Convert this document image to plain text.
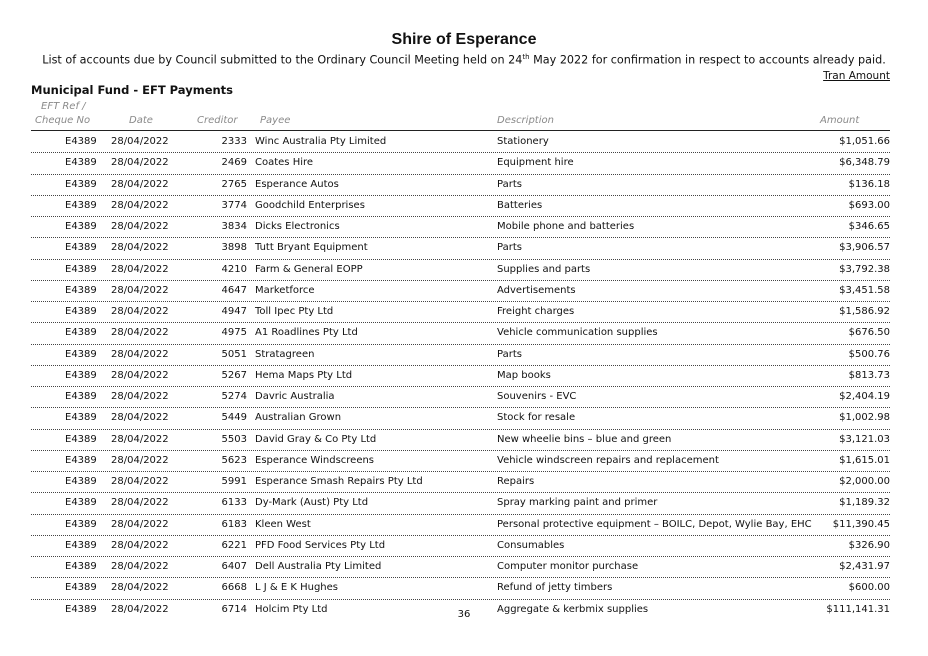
Shire of Esperance
List of accounts due by Council submitted to the Ordinary Council Meeting held on 24th May 2022 for confirmation in respect to accounts already paid.
Tran Amount
Municipal Fund - EFT Payments
EFT Ref /
Cheque No	Date	Creditor Payee	Description	Amount
E4389 28/04/2022	2333 Winc Australia Pty Limited	Stationery	$1,051.66
E4389 28/04/2022	2469 Coates Hire	Equipment hire	$6,348.79
E4389 28/04/2022	2765 Esperance Autos	Parts	$136.18
E4389 28/04/2022	3774 Goodchild Enterprises	Batteries	$693.00
E4389 28/04/2022	3834 Dicks Electronics	Mobile phone and batteries	$346.65
E4389 28/04/2022	3898 Tutt Bryant Equipment	Parts	$3,906.57
E4389 28/04/2022	4210 Farm & General EOPP	Supplies and parts	$3,792.38
E4389 28/04/2022	4647 Marketforce	Advertisements	$3,451.58
E4389 28/04/2022	4947 Toll Ipec Pty Ltd	Freight charges	$1,586.92
E4389 28/04/2022	4975 A1 Roadlines Pty Ltd	Vehicle communication supplies	$676.50
E4389 28/04/2022	5051 Stratagreen	Parts	$500.76
E4389 28/04/2022	5267 Hema Maps Pty Ltd	Map books	$813.73
E4389 28/04/2022	5274 Davric Australia	Souvenirs - EVC	$2,404.19
E4389 28/04/2022	5449 Australian Grown	Stock for resale	$1,002.98
E4389 28/04/2022	5503 David Gray & Co Pty Ltd	New wheelie bins – blue and green	$3,121.03
E4389 28/04/2022	5623 Esperance Windscreens	Vehicle windscreen repairs and replacement	$1,615.01
E4389 28/04/2022	5991 Esperance Smash Repairs Pty Ltd	Repairs	$2,000.00
E4389 28/04/2022	6133 Dy-Mark (Aust) Pty Ltd	Spray marking paint and primer	$1,189.32
E4389 28/04/2022	6183 Kleen West	Personal protective equipment – BOILC, Depot, Wylie Bay, EHC $11,390.45
E4389 28/04/2022	6221 PFD Food Services Pty Ltd	Consumables	$326.90
E4389 28/04/2022	6407 Dell Australia Pty Limited	Computer monitor purchase	$2,431.97
E4389 28/04/2022	6668 L J & E K Hughes	Refund of jetty timbers	$600.00
E4389 28/04/2022	6714 Holcim Pty Ltd	Aggregate & kerbmix supplies	$111,141.31
36
